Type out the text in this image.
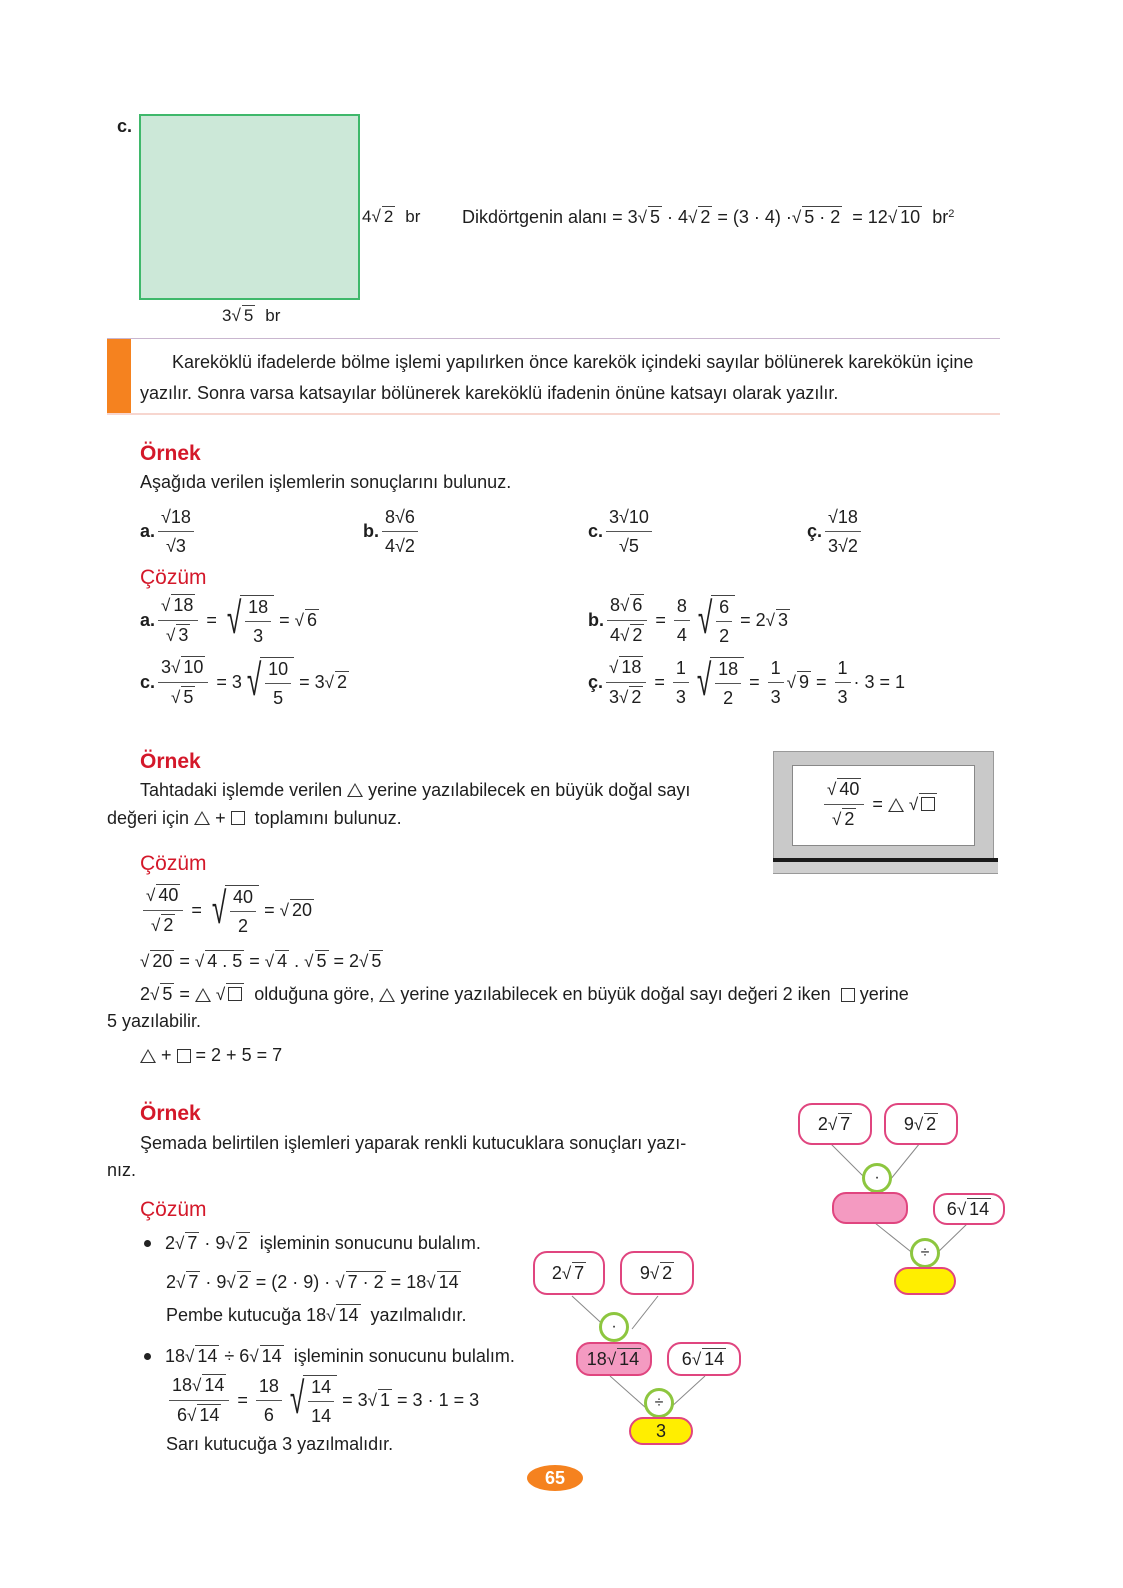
c.
4 √ 2 br
3 √ 5 br
Dikdörtgenin alanı =
3 √ 5 · 4 √ 2 = (3 · 4) · √ 5 · 2 = 12 √ 10
$br^2$
Kareköklü ifadelerde bölme işlemi yapılırken önce karekök içindeki sayılar bölünerek karekökün içine yazılır. Sonra varsa katsayılar bölünerek kareköklü ifadenin önüne katsayı olarak yazılır.
Örnek
Aşağıda verilen işlemlerin sonuçlarını bulunuz.
a. $\frac{√18}{√3}$	b. $\frac{8√6}{4√2}$	c. $\frac{3√10}{√5}$	ç. $\frac{√18}{3√2}$
Çözüm
a. $\frac{√ 18}{√ 3}$ = √ $\frac{18}{3}$ = √ 6	b. $\frac{8√ 6}{4√ 2} = \frac{8}{4}$ √ $\frac{6}{2} = 2$ √ 3
c. $\frac{3√ 10}{√ 5} = 3$ √ $\frac{10}{5} = 3$ √ 2	ç. $\frac{√ 18}{3√ 2} = \frac{1}{3}$ √ $\frac{18}{2} = \frac{1}{3}$ √ $9 = \frac{1}{3} \cdot 3 = 1$
Örnek
Tahtadaki işlemde verilen yerine yazılabilecek en büyük doğal sayı
değeri için  +   toplamını bulunuz.	$\frac{√ 40}{√ 2}$ =
√
Çözüm
$\frac{√ 40}{√ 2}$ = √ $\frac{40}{2}$ = √ 20
√ 20 = √ 4 . 5 = √ 4 . √ 5 = 2 √ 5
2 √ 5 =
√
	olduğuna göre,

yerine yazılabilecek en büyük doğal sayı değeri 2 iken

yerine
5 yazılabilir.
+
= 2 + 5 = 7
Örnek
Şemada belirtilen işlemleri yaparak renkli kutucuklara sonuçları yazı-
nız.
Çözüm
2 √ 7 · 9 √ 2
işleminin sonucunu bulalım.
2 √ 7 · 9 √ 2 = (2 · 9) ·
√ 7 · 2 = 18 √ 14
Pembe kutucuğa
18 √ 14
yazılmalıdır.
18 √ 14 ÷ 6 √ 14
işleminin sonucunu bulalım.
$\frac{18√ 14}{6√ 14} = \frac{18}{6}$ √ $\frac{14}{14} = 3$ √ 1
= 3 · 1 = 3
Sarı kutucuğa 3 yazılmalıdır.
2 √ 7	9 √ 2
·
6 √ 14
÷
2 √ 7	9 √ 2
·
18 √ 14 6 √ 14
÷
3
65
